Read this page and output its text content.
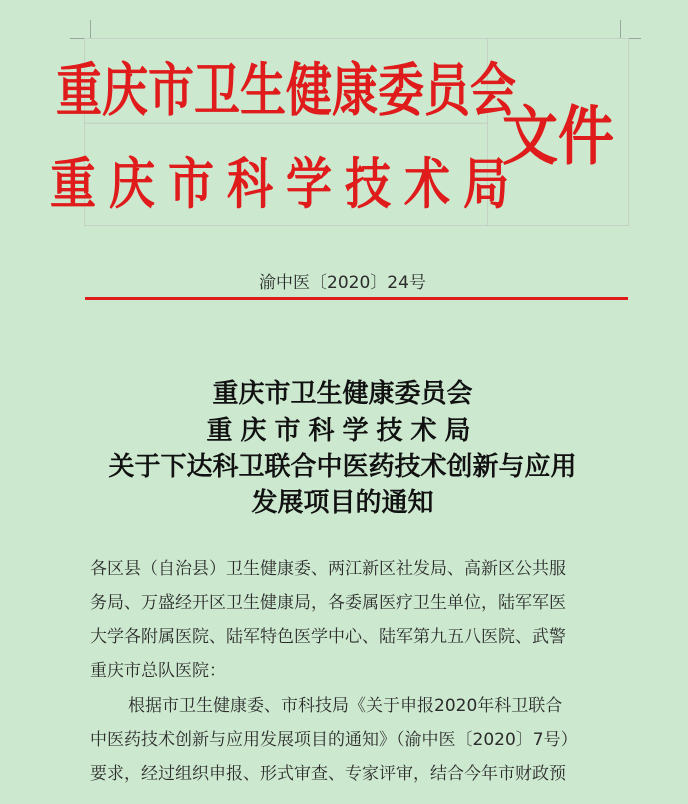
重庆市卫生健康委员会
重庆市科学技术局
文件
渝中医〔2020〕24号
重庆市卫生健康委员会
重庆市科学技术局
关于下达科卫联合中医药技术创新与应用
发展项目的通知
各区县（自治县）卫生健康委、两江新区社发局、高新区公共服
务局、万盛经开区卫生健康局，各委属医疗卫生单位，陆军军医
大学各附属医院、陆军特色医学中心、陆军第九五八医院、武警
重庆市总队医院：
根据市卫生健康委、市科技局《关于申报2020年科卫联合
中医药技术创新与应用发展项目的通知》（渝中医〔2020〕7号）
要求，经过组织申报、形式审查、专家评审，结合今年市财政预
